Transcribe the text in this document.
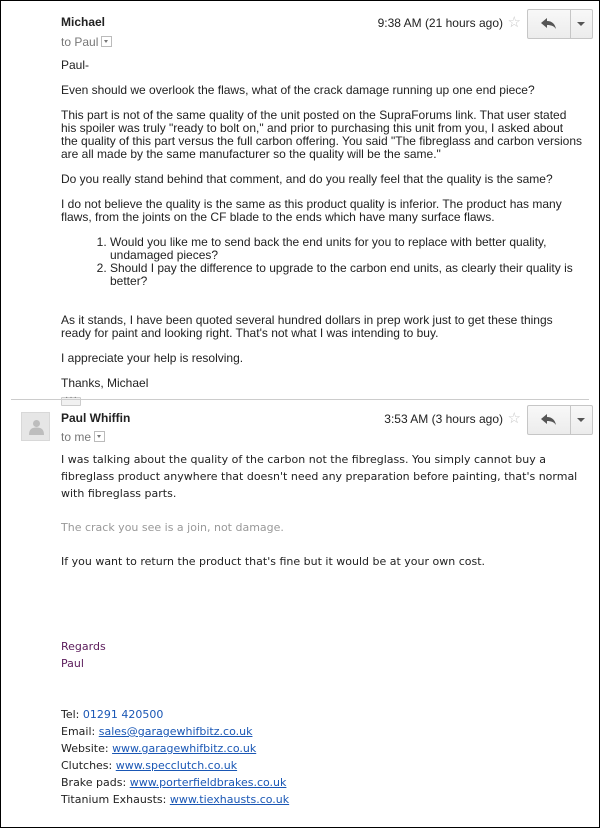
Michael
to Paul
9:38 AM (21 hours ago) ☆

Paul-

Even should we overlook the flaws, what of the crack damage running up one end piece?

This part is not of the same quality of the unit posted on the SupraForums link. That user stated his spoiler was truly "ready to bolt on," and prior to purchasing this unit from you, I asked about the quality of this part versus the full carbon offering. You said "The fibreglass and carbon versions are all made by the same manufacturer so the quality will be the same."

Do you really stand behind that comment, and do you really feel that the quality is the same?

I do not believe the quality is the same as this product quality is inferior. The product has many flaws, from the joints on the CF blade to the ends which have many surface flaws.

1. Would you like me to send back the end units for you to replace with better quality, undamaged pieces?
2. Should I pay the difference to upgrade to the carbon end units, as clearly their quality is better?

As it stands, I have been quoted several hundred dollars in prep work just to get these things ready for paint and looking right. That's not what I was intending to buy.

I appreciate your help is resolving.

Thanks, Michael

···
Paul Whiffin
to me
3:53 AM (3 hours ago) ☆

I was talking about the quality of the carbon not the fibreglass. You simply cannot buy a fibreglass product anywhere that doesn't need any preparation before painting, that's normal with fibreglass parts.

The crack you see is a join, not damage.

If you want to return the product that's fine but it would be at your own cost.

Regards
Paul
Tel: 01291 420500
Email: sales@garagewhifbitz.co.uk
Website: www.garagewhifbitz.co.uk
Clutches: www.specclutch.co.uk
Brake pads: www.porterfieldbrakes.co.uk
Titanium Exhausts: www.tiexhausts.co.uk
